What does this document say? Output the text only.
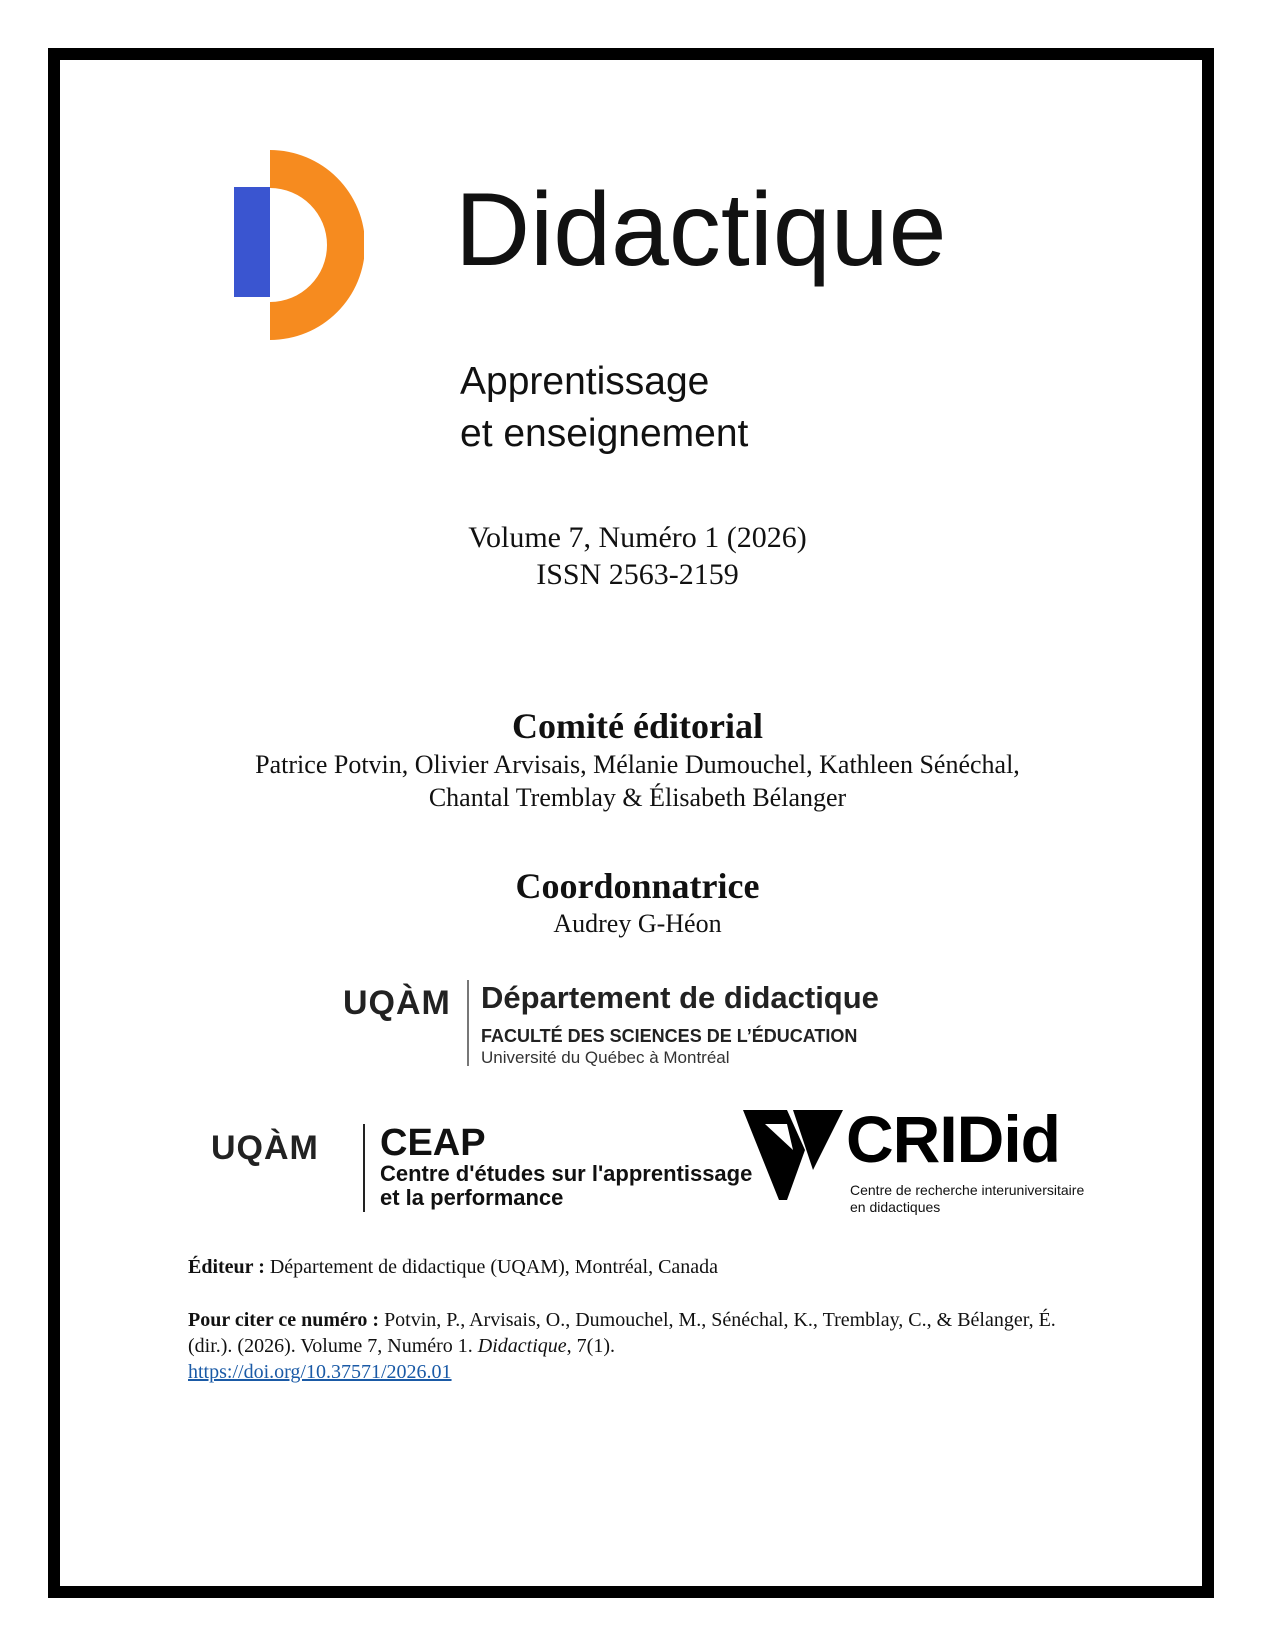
Didactique
Apprentissage
et enseignement
Volume 7, Numéro 1 (2026)
ISSN 2563-2159
Comité éditorial
Patrice Potvin, Olivier Arvisais, Mélanie Dumouchel, Kathleen Sénéchal,
Chantal Tremblay & Élisabeth Bélanger
Coordonnatrice
Audrey G-Héon
UQÀM Département de didactique
FACULTÉ DES SCIENCES DE L’ÉDUCATION
Université du Québec à Montréal
UQÀM CEAP
Centre d'études sur l'apprentissage
et la performance
CRIDid
Centre de recherche interuniversitaire
en didactiques
Éditeur : Département de didactique (UQAM), Montréal, Canada
Pour citer ce numéro : Potvin, P., Arvisais, O., Dumouchel, M., Sénéchal, K., Tremblay, C., & Bélanger, É. (dir.). (2026). Volume 7, Numéro 1. Didactique, 7(1).
https://doi.org/10.37571/2026.01
